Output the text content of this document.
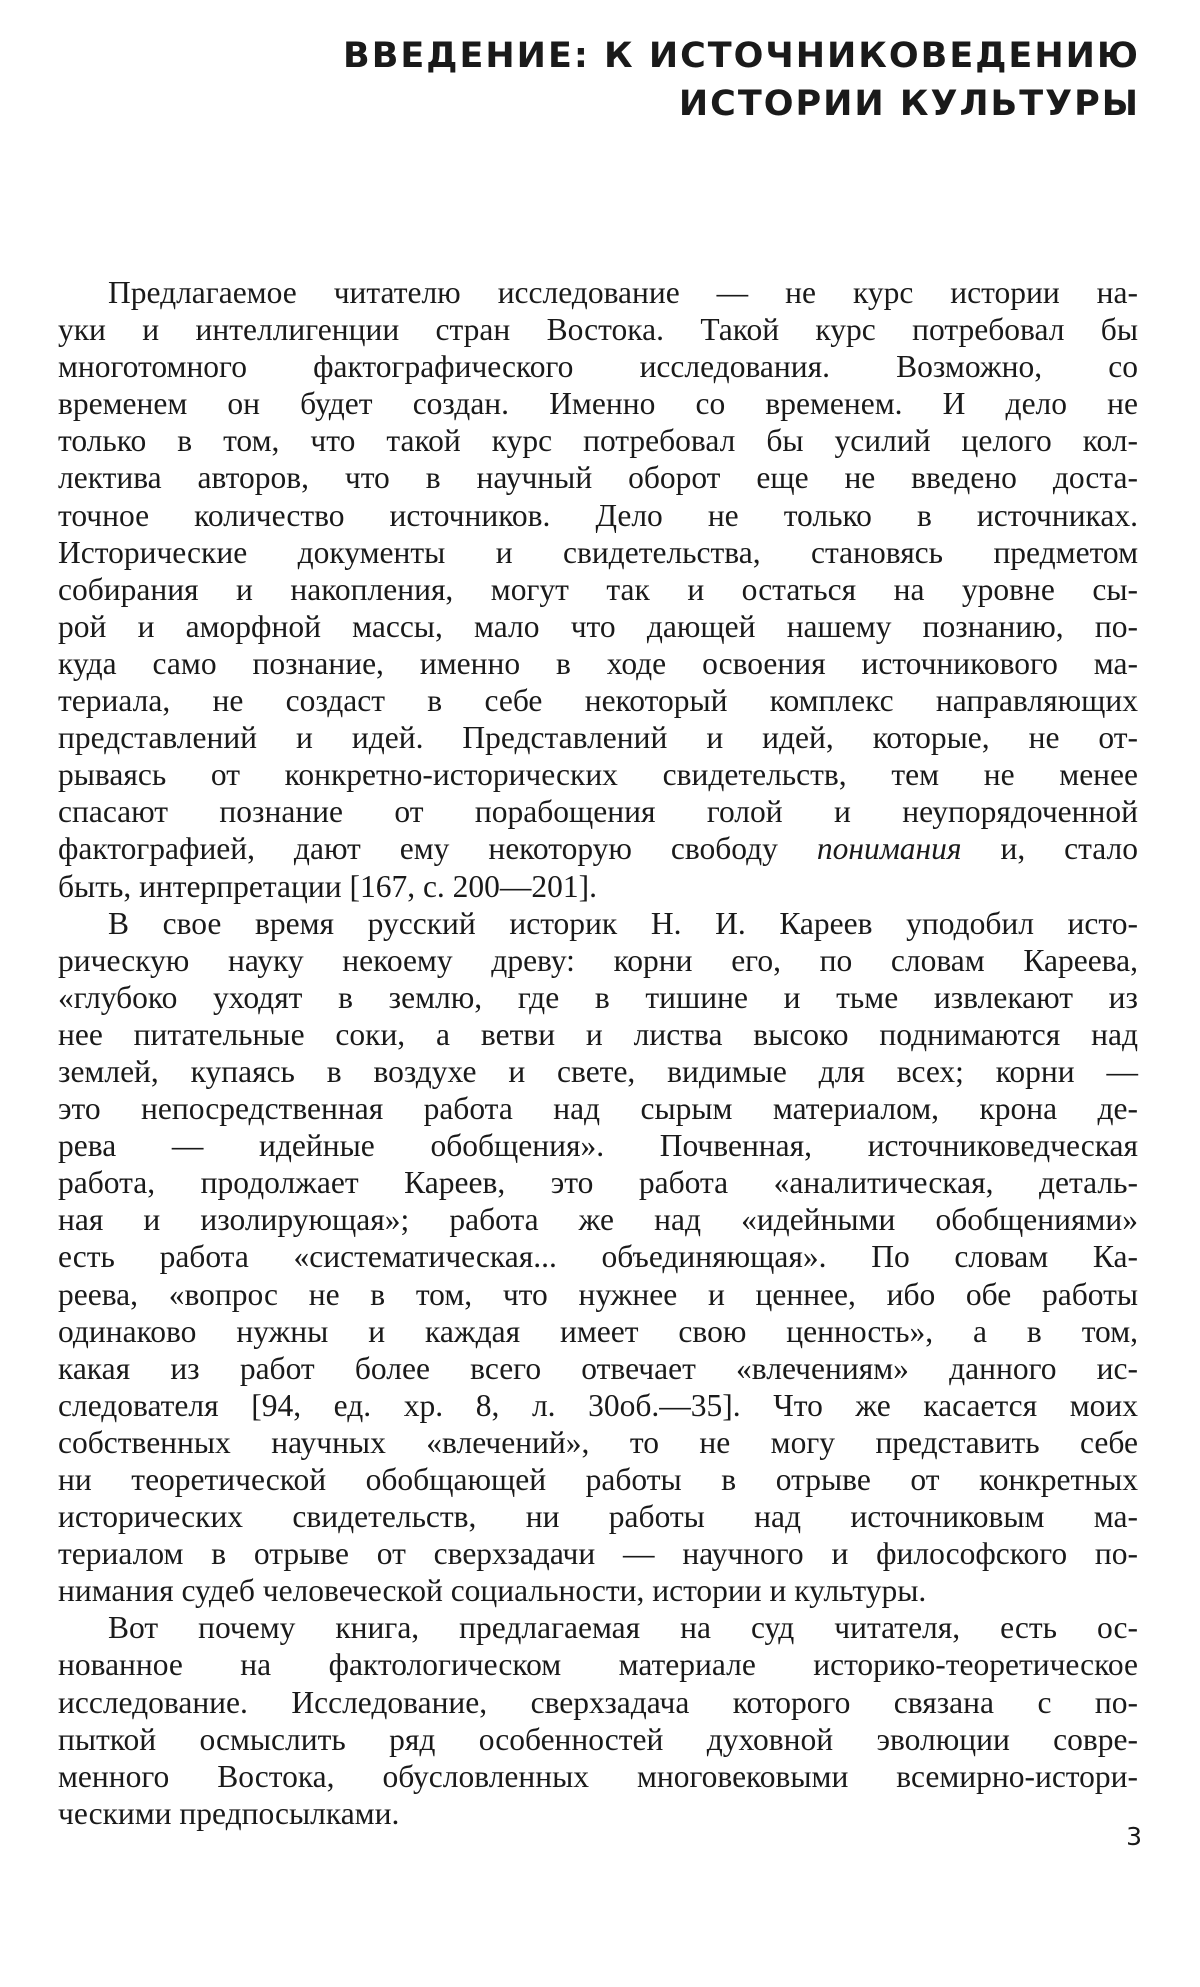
ВВЕДЕНИЕ: К ИСТОЧНИКОВЕДЕНИЮ
ИСТОРИИ КУЛЬТУРЫ
Предлагаемое читателю исследование — не курс истории на-
уки и интеллигенции стран Востока. Такой курс потребовал бы
многотомного фактографического исследования. Возможно, со
временем он будет создан. Именно со временем. И дело не
только в том, что такой курс потребовал бы усилий целого кол-
лектива авторов, что в научный оборот еще не введено доста-
точное количество источников. Дело не только в источниках.
Исторические документы и свидетельства, становясь предметом
собирания и накопления, могут так и остаться на уровне сы-
рой и аморфной массы, мало что дающей нашему познанию, по-
куда само познание, именно в ходе освоения источникового ма-
териала, не создаст в себе некоторый комплекс направляющих
представлений и идей. Представлений и идей, которые, не от-
рываясь от конкретно-исторических свидетельств, тем не менее
спасают познание от порабощения голой и неупорядоченной
фактографией, дают ему некоторую свободу понимания и, стало
быть, интерпретации [167, с. 200—201].
В свое время русский историк Н. И. Кареев уподобил исто-
рическую науку некоему древу: корни его, по словам Кареева,
«глубоко уходят в землю, где в тишине и тьме извлекают из
нее питательные соки, а ветви и листва высоко поднимаются над
землей, купаясь в воздухе и свете, видимые для всех; корни —
это непосредственная работа над сырым материалом, крона де-
рева — идейные обобщения». Почвенная, источниковедческая
работа, продолжает Кареев, это работа «аналитическая, деталь-
ная и изолирующая»; работа же над «идейными обобщениями»
есть работа «систематическая... объединяющая». По словам Ка-
реева, «вопрос не в том, что нужнее и ценнее, ибо обе работы
одинаково нужны и каждая имеет свою ценность», а в том,
какая из работ более всего отвечает «влечениям» данного ис-
следователя [94, ед. хр. 8, л. 30об.—35]. Что же касается моих
собственных научных «влечений», то не могу представить себе
ни теоретической обобщающей работы в отрыве от конкретных
исторических свидетельств, ни работы над источниковым ма-
териалом в отрыве от сверхзадачи — научного и философского по-
нимания судеб человеческой социальности, истории и культуры.
Вот почему книга, предлагаемая на суд читателя, есть ос-
нованное на фактологическом материале историко-теоретическое
исследование. Исследование, сверхзадача которого связана с по-
пыткой осмыслить ряд особенностей духовной эволюции совре-
менного Востока, обусловленных многовековыми всемирно-истори-
ческими предпосылками.
3
